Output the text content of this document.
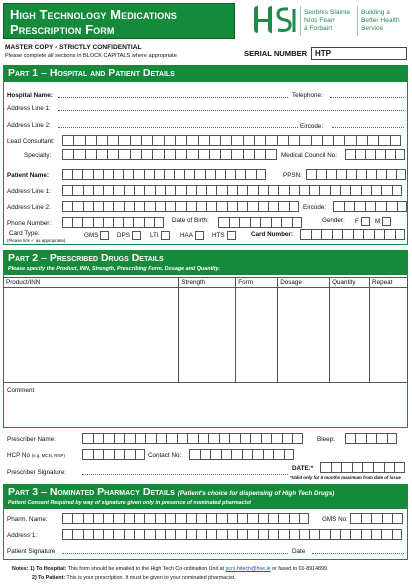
High Technology Medications
Prescription Form
Seirbhís Sláinte
Níos Fearr
á Forbairt
Building a
Better Health
Service
MASTER COPY - STRICTLY CONFIDENTIAL
Please complete all sections in BLOCK CAPITALS where appropriate	SERIAL NUMBER HTP
Part 1 – Hospital and Patient Details
Hospital Name:	Telephone:
Address Line 1:
Address Line 2:	Eircode:
Lead Consultant:
Specialty:	Medical Council No:
Patient Name:	PPSN:
Address Line 1:
Address Line 2:	Eircode:
Phone Number:	Date of Birth:	Gender: F	M
Card Type:
(Please tick ✓ as appropriate)
GMS	DPS	LTI	HAA	HTS	Card Number:
Part 2 – Prescribed Drugs Details
Please specify the Product, INN, Strength, Prescribing Form, Dosage and Quantity.
Product/INN	Strength	Form	Dosage	Quantity	Repeat

Comment
Prescriber Name:	Bleep:
HCP No (e.g. MCN, RNP)	Contact No:
Prescriber Signature:
DATE:*
*Valid only for 6 months maximum from date of issue
Part 3 – Nominated Pharmacy Details (Patient's choice for dispensing of High Tech Drugs)
Patient Consent Required by way of signature given only in presence of nominated pharmacist
Pharm. Name:	GMS No:
Address 1:
Patient Signature	Date
Notes: 1) To Hospital: This form should be emailed to the High Tech Co-ordination Unit at pcrs.hitech@hse.ie or faxed to 01-8914899.
2) To Patient: This is your prescription. It must be given to your nominated pharmacist.
